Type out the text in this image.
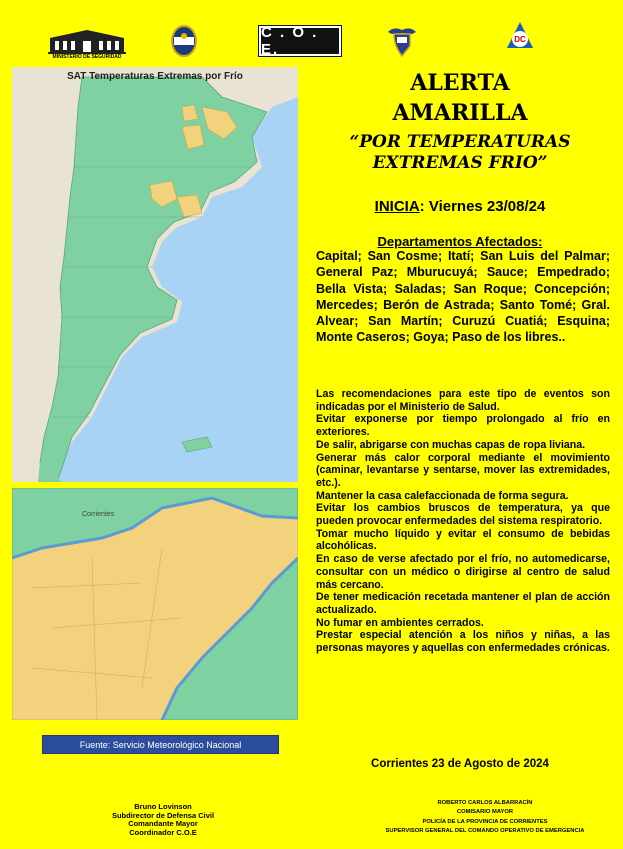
MINISTERIO DE SEGURIDAD
C . O . E.
DC
SAT Temperaturas Extremas por Frío
Corrientes
Fuente: Servicio Meteorológico Nacional
ALERTA
AMARILLA
“POR TEMPERATURAS
EXTREMAS FRIO”
INICIA: Viernes 23/08/24
Departamentos Afectados:
Capital; San Cosme; Itatí; San Luis del Palmar; General Paz; Mburucuyá; Sauce; Empedrado; Bella Vista; Saladas; San Roque; Concepción; Mercedes; Berón de Astrada; Santo Tomé; Gral. Alvear; San Martín; Curuzú Cuatiá; Esquina; Monte Caseros; Goya; Paso de los libres..

Las recomendaciones para este tipo de eventos son indicadas por el Ministerio de Salud.

Evitar exponerse por tiempo prolongado al frío en exteriores.

De salir, abrigarse con muchas capas de ropa liviana.

Generar más calor corporal mediante el movimiento (caminar, levantarse y sentarse, mover las extremidades, etc.).

Mantener la casa calefaccionada de forma segura.

Evitar los cambios bruscos de temperatura, ya que pueden provocar enfermedades del sistema respiratorio.

Tomar mucho líquido y evitar el consumo de bebidas alcohólicas.

En caso de verse afectado por el frío, no automedicarse, consultar con un médico o dirigirse al centro de salud más cercano.

De tener medicación recetada mantener el plan de acción actualizado.

No fumar en ambientes cerrados.

Prestar especial atención a los niños y niñas, a las personas mayores y aquellas con enfermedades crónicas.

Corrientes 23 de Agosto de 2024
Bruno Lovinson
Subdirector de Defensa Civil
Comandante Mayor
Coordinador C.O.E
ROBERTO CARLOS ALBARRACÍN
COMISARIO MAYOR
POLICÍA DE LA PROVINCIA DE CORRIENTES
SUPERVISOR GENERAL DEL COMANDO OPERATIVO DE EMERGENCIA
